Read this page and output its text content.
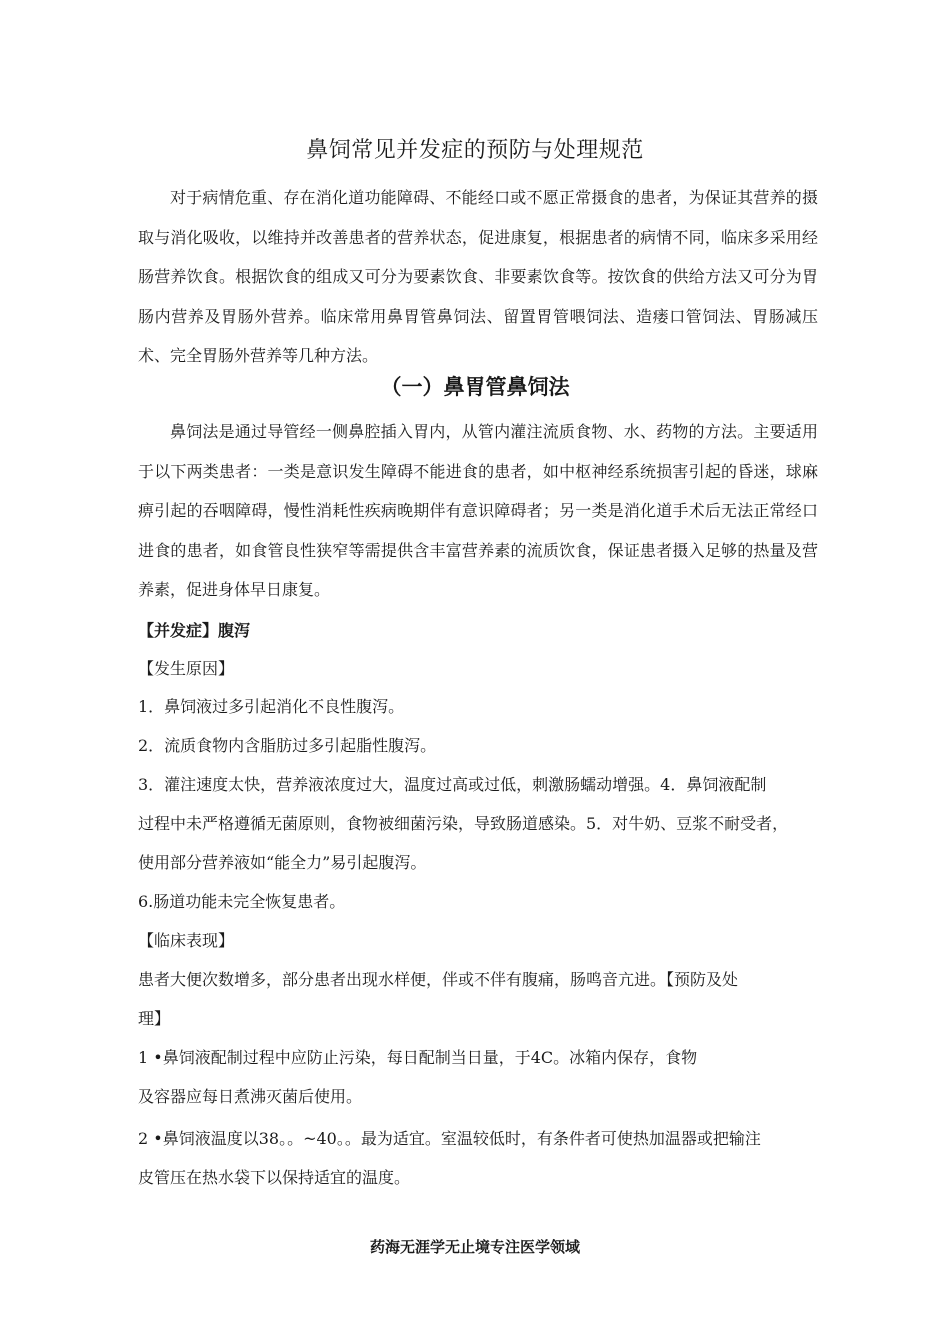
鼻饲常见并发症的预防与处理规范

对于病情危重、存在消化道功能障碍、不能经口或不愿正常摄食的患者，为保证其营养的摄取与消化吸收，以维持并改善患者的营养状态，促进康复，根据患者的病情不同，临床多采用经肠营养饮食。根据饮食的组成又可分为要素饮食、非要素饮食等。按饮食的供给方法又可分为胃肠内营养及胃肠外营养。临床常用鼻胃管鼻饲法、留置胃管喂饲法、造瘘口管饲法、胃肠减压术、完全胃肠外营养等几种方法。

（一）鼻胃管鼻饲法

鼻饲法是通过导管经一侧鼻腔插入胃内，从管内灌注流质食物、水、药物的方法。主要适用于以下两类患者：一类是意识发生障碍不能进食的患者，如中枢神经系统损害引起的昏迷，球麻痹引起的吞咽障碍，慢性消耗性疾病晚期伴有意识障碍者；另一类是消化道手术后无法正常经口进食的患者，如食管良性狭窄等需提供含丰富营养素的流质饮食，保证患者摄入足够的热量及营养素，促进身体早日康复。

【并发症】腹泻
【发生原因】
1．鼻饲液过多引起消化不良性腹泻。
2．流质食物内含脂肪过多引起脂性腹泻。
3．灌注速度太快，营养液浓度过大，温度过高或过低，刺激肠蠕动增强。4．鼻饲液配制
过程中未严格遵循无菌原则，食物被细菌污染，导致肠道感染。5．对牛奶、豆浆不耐受者，
使用部分营养液如“能全力”易引起腹泻。
6.肠道功能未完全恢复患者。
【临床表现】
患者大便次数增多，部分患者出现水样便，伴或不伴有腹痛，肠鸣音亢进。【预防及处
理】
1 •鼻饲液配制过程中应防止污染，每日配制当日量，于4C。冰箱内保存，食物
及容器应每日煮沸灭菌后使用。
2 •鼻饲液温度以38。。~40。。最为适宜。室温较低时，有条件者可使热加温器或把输注
皮管压在热水袋下以保持适宜的温度。
药海无涯学无止境专注医学领域
